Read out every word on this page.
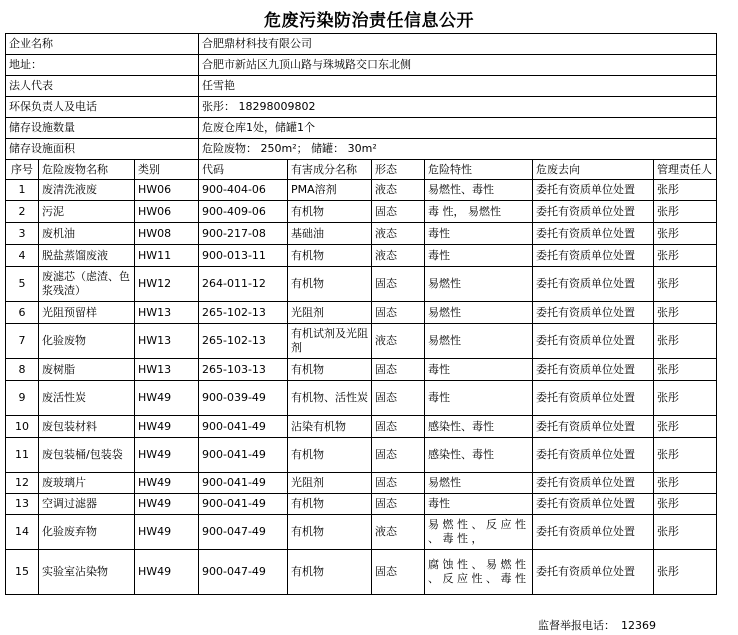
危废污染防治责任信息公开
企业名称			合肥鼎材科技有限公司					
地址：			合肥市新站区九顶山路与珠城路交口东北侧					
法人代表			任雪艳					
环保负责人及电话			张彤： 18298009802					
储存设施数量			危废仓库1处，储罐1个					
储存设施面积			危险废物： 250m²； 储罐： 30m²					
序号	危险废物名称	类别	代码	有害成分名称	形态	危险特性	危废去向	管理责任人
1	废清洗液废	HW06	900-404-06	PMA溶剂	液态	易燃性、毒性	委托有资质单位处置	张彤
2	污泥	HW06	900-409-06	有机物	固态	毒 性， 易燃性	委托有资质单位处置	张彤
3	废机油	HW08	900-217-08	基础油	液态	毒性	委托有资质单位处置	张彤
4	脱盐蒸馏废液	HW11	900-013-11	有机物	液态	毒性	委托有资质单位处置	张彤
5	废滤芯（虑渣、色浆残渣）	HW12	264-011-12	有机物	固态	易燃性	委托有资质单位处置	张彤
6	光阻预留样	HW13	265-102-13	光阻剂	固态	易燃性	委托有资质单位处置	张彤
7	化验废物	HW13	265-102-13	有机试剂及光阻剂	液态	易燃性	委托有资质单位处置	张彤
8	废树脂	HW13	265-103-13	有机物	固态	毒性	委托有资质单位处置	张彤
9	废活性炭	HW49	900-039-49	有机物、活性炭	固态	毒性	委托有资质单位处置	张彤
10	废包装材料	HW49	900-041-49	沾染有机物	固态	感染性、毒性	委托有资质单位处置	张彤
11	废包装桶/包装袋	HW49	900-041-49	有机物	固态	感染性、毒性	委托有资质单位处置	张彤
12	废玻璃片	HW49	900-041-49	光阻剂	固态	易燃性	委托有资质单位处置	张彤
13	空调过滤器	HW49	900-041-49	有机物	固态	毒性	委托有资质单位处置	张彤
14	化验废弃物	HW49	900-047-49	有机物	液态	易 燃 性 、 反 应 性 、 毒 性 ，	委托有资质单位处置	张彤
15	实验室沾染物	HW49	900-047-49	有机物	固态	腐 蚀 性 、 易 燃 性 、 反 应 性 、 毒 性	委托有资质单位处置	张彤
监督举报电话： 12369
